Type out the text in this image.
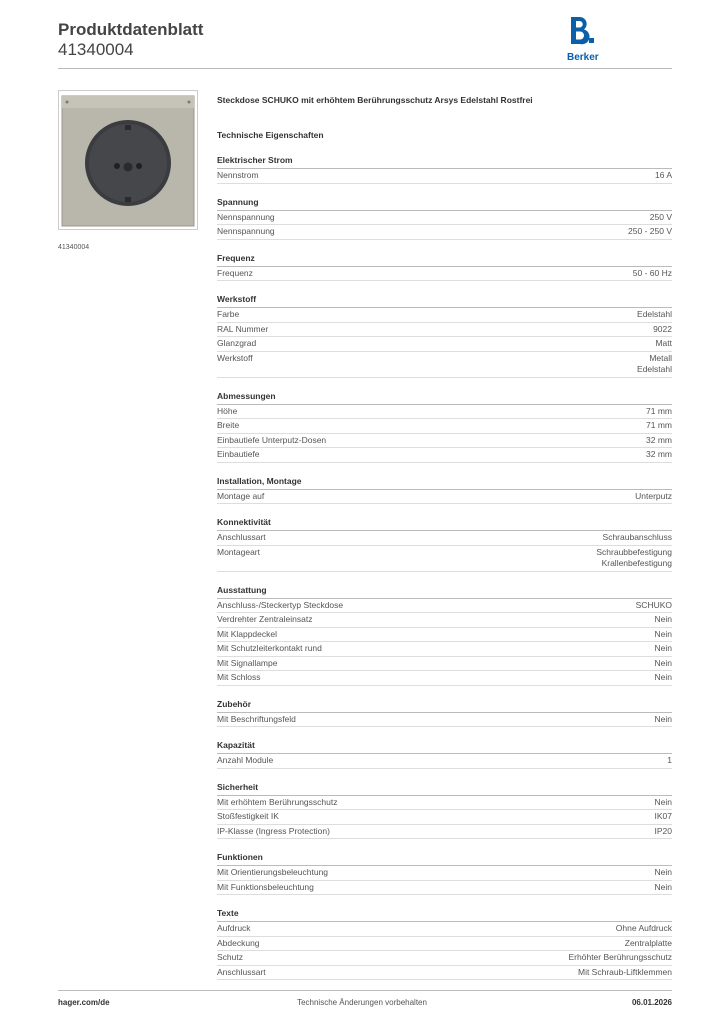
Produktdatenblatt
41340004	Berker
41340004
Steckdose SCHUKO mit erhöhtem Berührungsschutz Arsys Edelstahl Rostfrei
Technische Eigenschaften
Elektrischer Strom
Nennstrom	16 A
Spannung
Nennspannung	250 V
Nennspannung	250 - 250 V
Frequenz
Frequenz	50 - 60 Hz
Werkstoff
Farbe	Edelstahl
RAL Nummer	9022
Glanzgrad	Matt
Werkstoff	Metall
Edelstahl
Abmessungen
Höhe	71 mm
Breite	71 mm
Einbautiefe Unterputz-Dosen	32 mm
Einbautiefe	32 mm
Installation, Montage
Montage auf	Unterputz
Konnektivität
Anschlussart	Schraubanschluss
Montageart	Schraubbefestigung
Krallenbefestigung
Ausstattung
Anschluss-/Steckertyp Steckdose	SCHUKO
Verdrehter Zentraleinsatz	Nein
Mit Klappdeckel	Nein
Mit Schutzleiterkontakt rund	Nein
Mit Signallampe	Nein
Mit Schloss	Nein
Zubehör
Mit Beschriftungsfeld	Nein
Kapazität
Anzahl Module	1
Sicherheit
Mit erhöhtem Berührungsschutz	Nein
Stoßfestigkeit IK	IK07
IP-Klasse (Ingress Protection)	IP20
Funktionen
Mit Orientierungsbeleuchtung	Nein
Mit Funktionsbeleuchtung	Nein
Texte
Aufdruck	Ohne Aufdruck
Abdeckung	Zentralplatte
Schutz	Erhöhter Berührungsschutz
Anschlussart	Mit Schraub-Liftklemmen
hager.com/de	Technische Änderungen vorbehalten	06.01.2026
